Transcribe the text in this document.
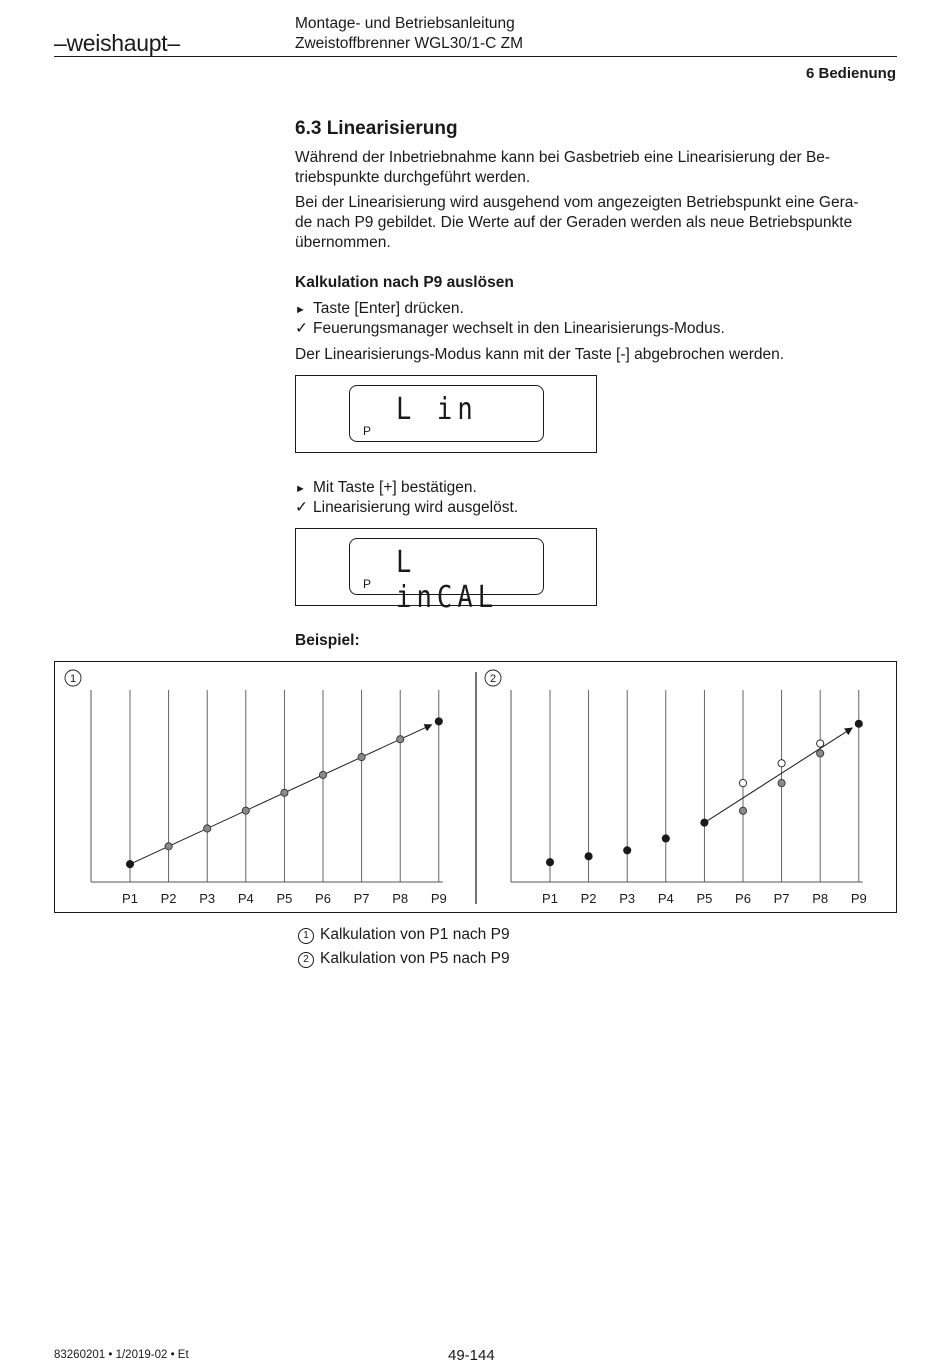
–weishaupt–
Montage- und Betriebsanleitung
Zweistoffbrenner WGL30/1-C ZM
6 Bedienung
6.3 Linearisierung
Während der Inbetriebnahme kann bei Gasbetrieb eine Linearisierung der Be-
triebspunkte durchgeführt werden.
Bei der Linearisierung wird ausgehend vom angezeigten Betriebspunkt eine Gera-
de nach P9 gebildet. Die Werte auf der Geraden werden als neue Betriebspunkte
übernommen.
Kalkulation nach P9 auslösen
► Taste [Enter] drücken.
✓ Feuerungsmanager wechselt in den Linearisierungs-Modus.
Der Linearisierungs-Modus kann mit der Taste [-] abgebrochen werden.
L in
P
► Mit Taste [+] bestätigen.
✓ Linearisierung wird ausgelöst.
L inCAL
P
Beispiel:
1
P1 P2 P3 P4 P5 P6 P7 P8 P9
2
P1 P2 P3 P4 P5 P6 P7 P8 P9
1 Kalkulation von P1 nach P9
2 Kalkulation von P5 nach P9
83260201 • 1/2019-02 • Et	49-144
